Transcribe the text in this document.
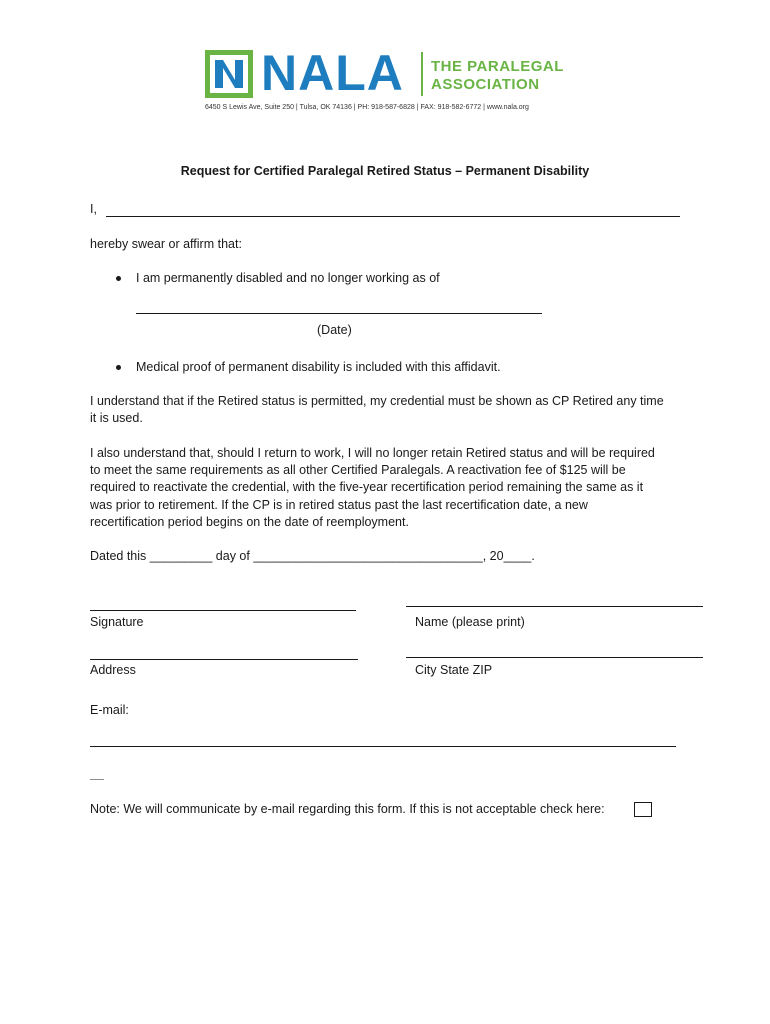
NALA THE PARALEGAL
ASSOCIATION
6450 S Lewis Ave, Suite 250 | Tulsa, OK 74136 | PH: 918-587-6828 | FAX: 918-582-6772 | www.nala.org
Request for Certified Paralegal Retired Status – Permanent Disability
I,
hereby swear or affirm that:
I am permanently disabled and no longer working as of
(Date)
Medical proof of permanent disability is included with this affidavit.
I understand that if the Retired status is permitted, my credential must be shown as CP Retired any time
it is used.
I also understand that, should I return to work, I will no longer retain Retired status and will be required
to meet the same requirements as all other Certified Paralegals. A reactivation fee of $125 will be
required to reactivate the credential, with the five-year recertification period remaining the same as it
was prior to retirement. If the CP is in retired status past the last recertification date, a new
recertification period begins on the date of reemployment.
Dated this _________ day of _________________________________, 20____.
Signature	Name (please print)
Address	City State ZIP
E-mail:
__
Note: We will communicate by e-mail regarding this form. If this is not acceptable check here:
